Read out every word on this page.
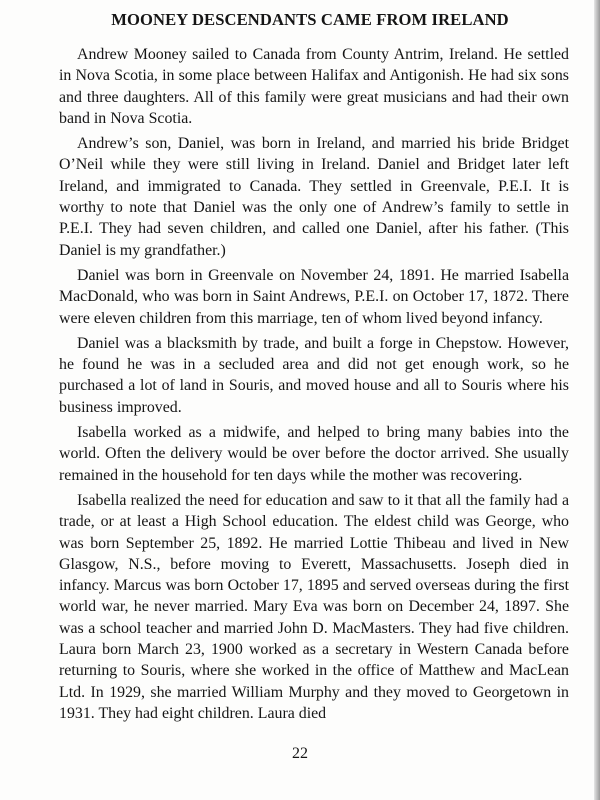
MOONEY DESCENDANTS CAME FROM IRELAND

Andrew Mooney sailed to Canada from County Antrim, Ireland. He settled in Nova Scotia, in some place between Halifax and Antigonish. He had six sons and three daughters. All of this family were great musicians and had their own band in Nova Scotia.

Andrew’s son, Daniel, was born in Ireland, and married his bride Bridget O’Neil while they were still living in Ireland. Daniel and Bridget later left Ireland, and immigrated to Canada. They settled in Greenvale, P.E.I. It is worthy to note that Daniel was the only one of Andrew’s family to settle in P.E.I. They had seven children, and called one Daniel, after his father. (This Daniel is my grandfather.)

Daniel was born in Greenvale on November 24, 1891. He married Isabella MacDonald, who was born in Saint Andrews, P.E.I. on October 17, 1872. There were eleven children from this marriage, ten of whom lived beyond infancy.

Daniel was a blacksmith by trade, and built a forge in Chepstow. However, he found he was in a secluded area and did not get enough work, so he purchased a lot of land in Souris, and moved house and all to Souris where his business improved.

Isabella worked as a midwife, and helped to bring many babies into the world. Often the delivery would be over before the doctor arrived. She usually remained in the household for ten days while the mother was recovering.

Isabella realized the need for education and saw to it that all the family had a trade, or at least a High School education. The eldest child was George, who was born September 25, 1892. He married Lottie Thibeau and lived in New Glasgow, N.S., before moving to Everett, Massachusetts. Joseph died in infancy. Marcus was born October 17, 1895 and served overseas during the first world war, he never married. Mary Eva was born on December 24, 1897. She was a school teacher and married John D. MacMasters. They had five children. Laura born March 23, 1900 worked as a secretary in Western Canada before returning to Souris, where she worked in the office of Matthew and MacLean Ltd. In 1929, she married William Murphy and they moved to Georgetown in 1931. They had eight children. Laura died

22
